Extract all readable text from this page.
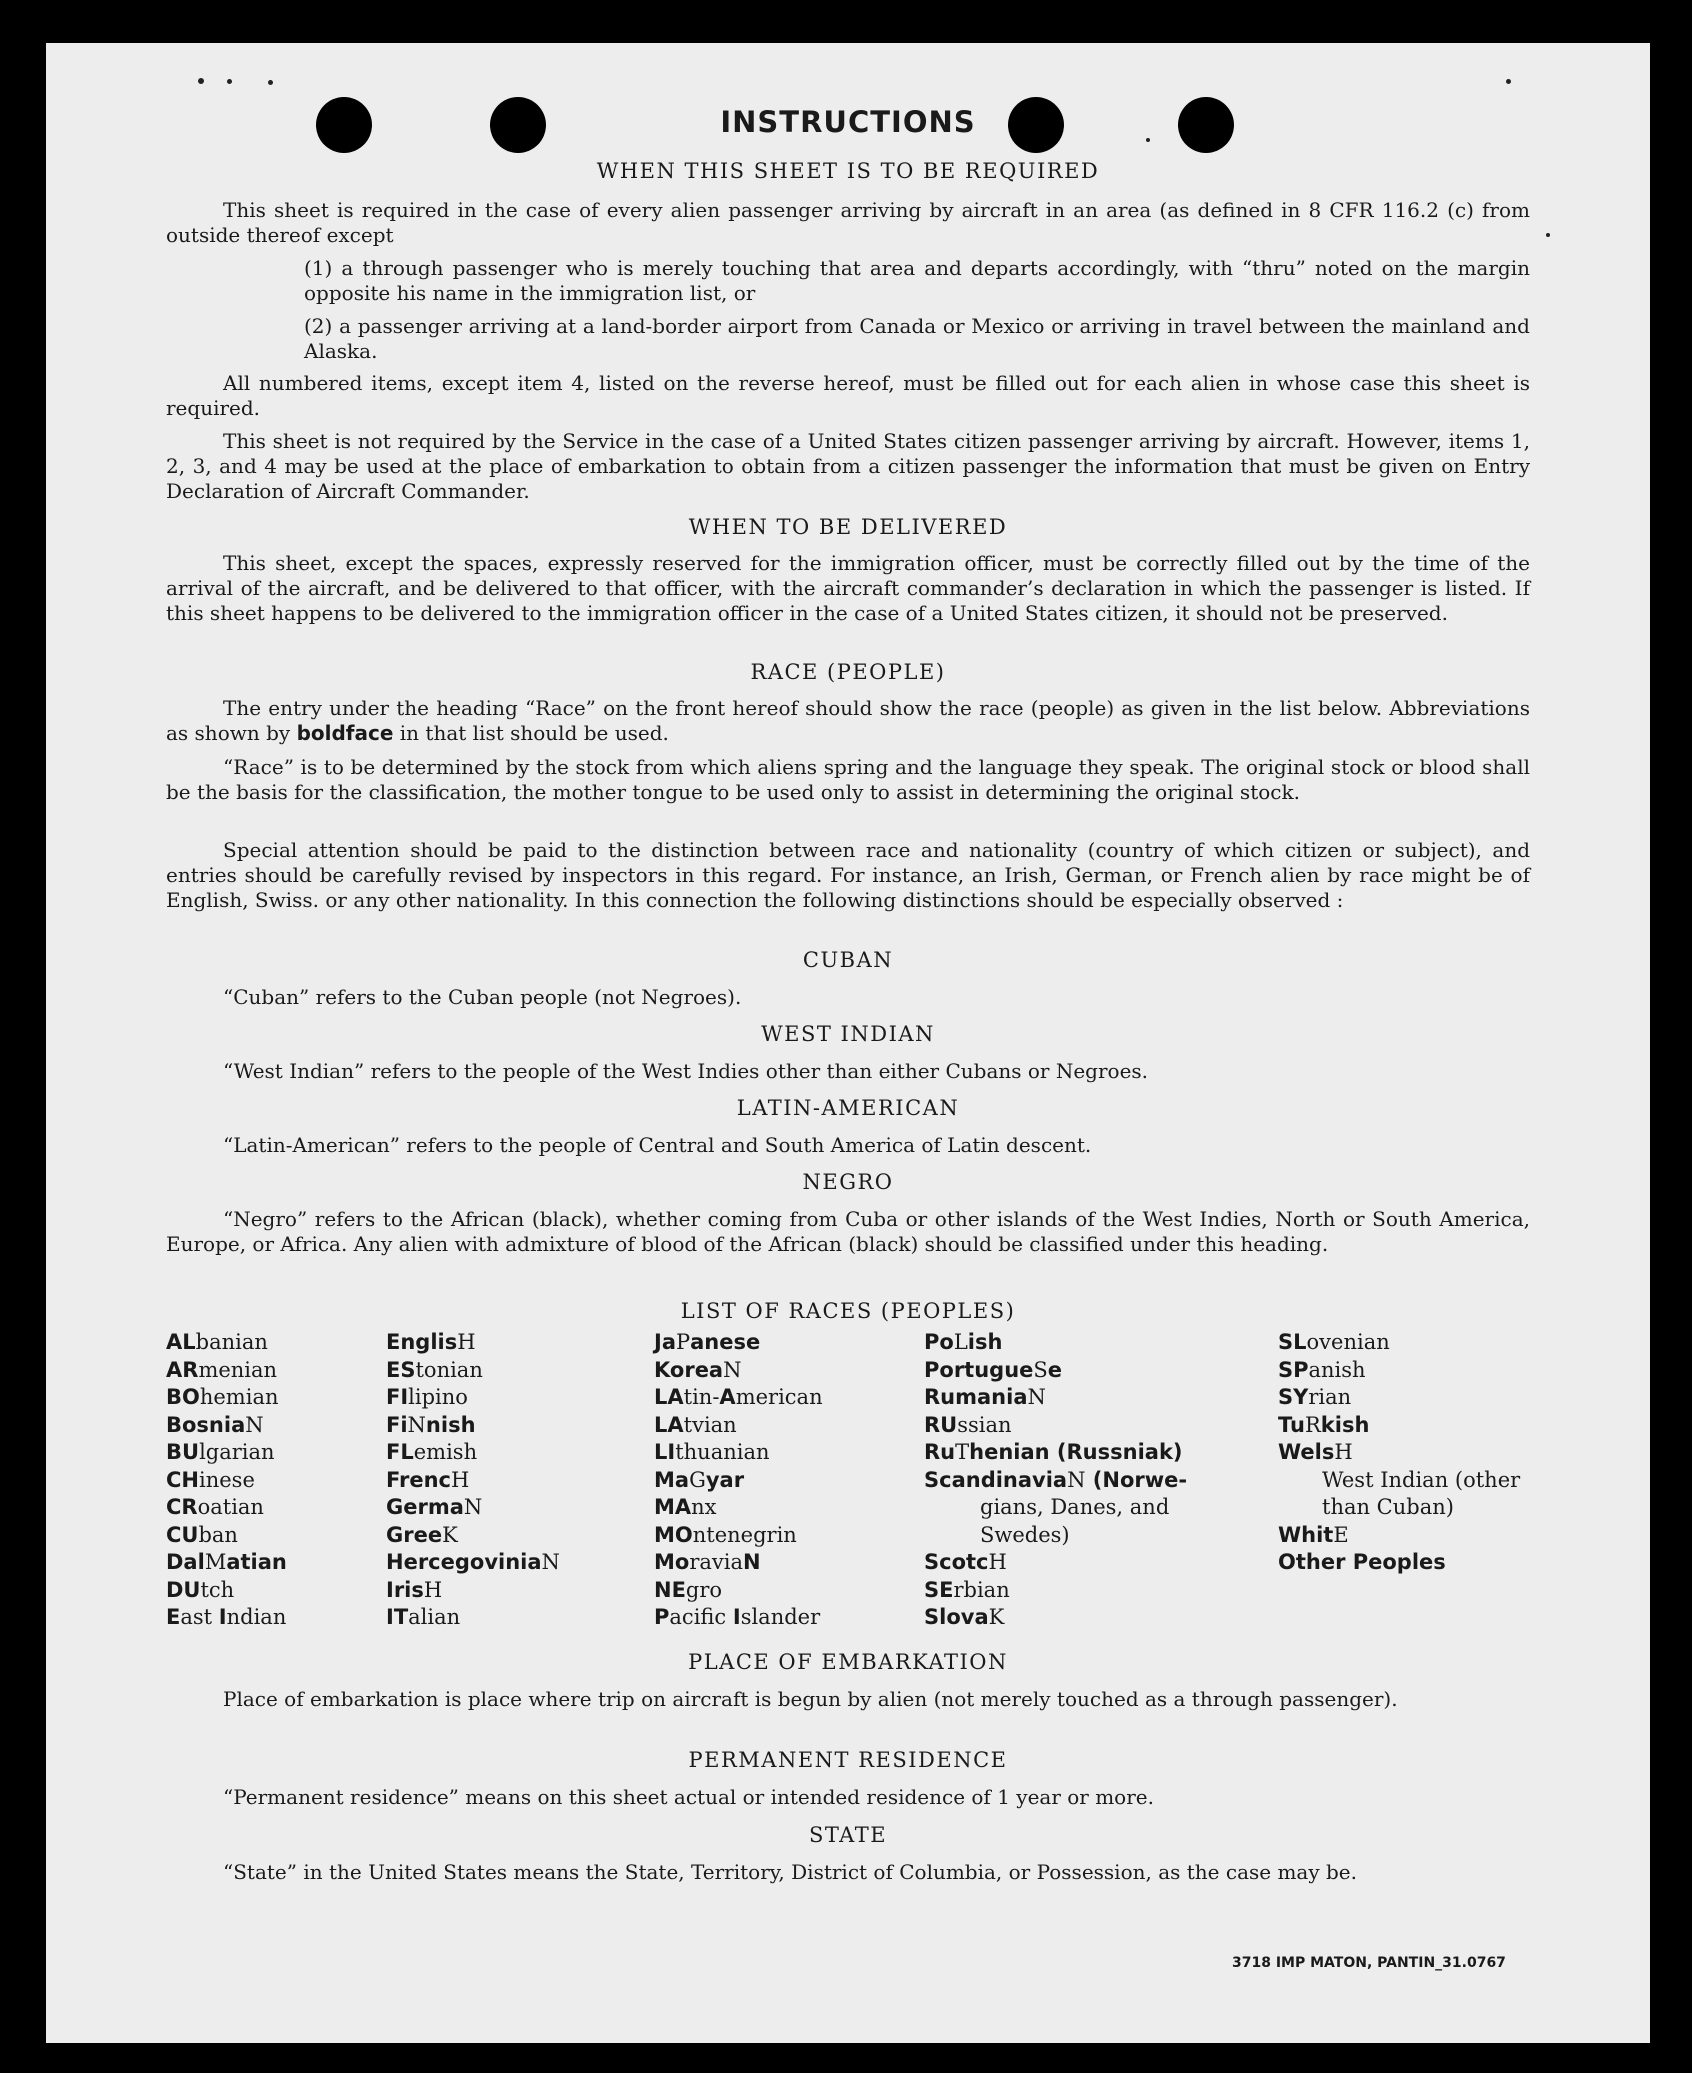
INSTRUCTIONS
WHEN THIS SHEET IS TO BE REQUIRED
This sheet is required in the case of every alien passenger arriving by aircraft in an area (as defined in 8 CFR 116.2 (c) from outside thereof except
(1) a through passenger who is merely touching that area and departs accordingly, with “thru” noted on the margin opposite his name in the immigration list, or
(2) a passenger arriving at a land-border airport from Canada or Mexico or arriving in travel between the mainland and Alaska.
All numbered items, except item 4, listed on the reverse hereof, must be filled out for each alien in whose case this sheet is required.
This sheet is not required by the Service in the case of a United States citizen passenger arriving by aircraft. However, items 1, 2, 3, and 4 may be used at the place of embarkation to obtain from a citizen passenger the information that must be given on Entry Declaration of Aircraft Commander.
WHEN TO BE DELIVERED
This sheet, except the spaces, expressly reserved for the immigration officer, must be correctly filled out by the time of the arrival of the aircraft, and be delivered to that officer, with the aircraft commander’s declaration in which the passenger is listed. If this sheet happens to be delivered to the immigration officer in the case of a United States citizen, it should not be preserved.
RACE (PEOPLE)
The entry under the heading “Race” on the front hereof should show the race (people) as given in the list below. Abbreviations as shown by boldface in that list should be used.
“Race” is to be determined by the stock from which aliens spring and the language they speak. The original stock or blood shall be the basis for the classification, the mother tongue to be used only to assist in determining the original stock.
Special attention should be paid to the distinction between race and nationality (country of which citizen or subject), and entries should be carefully revised by inspectors in this regard. For instance, an Irish, German, or French alien by race might be of English, Swiss. or any other nationality. In this connection the following distinctions should be especially observed :
CUBAN
“Cuban” refers to the Cuban people (not Negroes).
WEST INDIAN
“West Indian” refers to the people of the West Indies other than either Cubans or Negroes.
LATIN-AMERICAN
“Latin-American” refers to the people of Central and South America of Latin descent.
NEGRO
“Negro” refers to the African (black), whether coming from Cuba or other islands of the West Indies, North or South America, Europe, or Africa. Any alien with admixture of blood of the African (black) should be classified under this heading.
LIST OF RACES (PEOPLES)
ALbanian
ARmenian
BOhemian
BosniaN
BUlgarian
CHinese
CRoatian
CUban
DalMatian
DUtch
East Indian
EnglisH
EStonian
FIlipino
FiNnish
FLemish
FrencH
GermaN
GreeK
HercegoviniaN
IrisH
ITalian
JaPanese
KoreaN
LAtin-American
LAtvian
LIthuanian
MaGyar
MAnx
MOntenegrin
MoraviaN
NEgro
Pacific Islander
PoLish
PortugueSe
RumaniaN
RUssian
RuThenian (Russniak)
ScandinaviaN (Norwe-
gians, Danes, and
Swedes)
ScotcH
SErbian
SlovaK
SLovenian
SPanish
SYrian
TuRkish
WelsH
West Indian (other
than Cuban)
WhitE
Other Peoples
PLACE OF EMBARKATION
Place of embarkation is place where trip on aircraft is begun by alien (not merely touched as a through passenger).
PERMANENT RESIDENCE
“Permanent residence” means on this sheet actual or intended residence of 1 year or more.
STATE
“State” in the United States means the State, Territory, District of Columbia, or Possession, as the case may be.
3718 IMP MATON, PANTIN_31.0767
